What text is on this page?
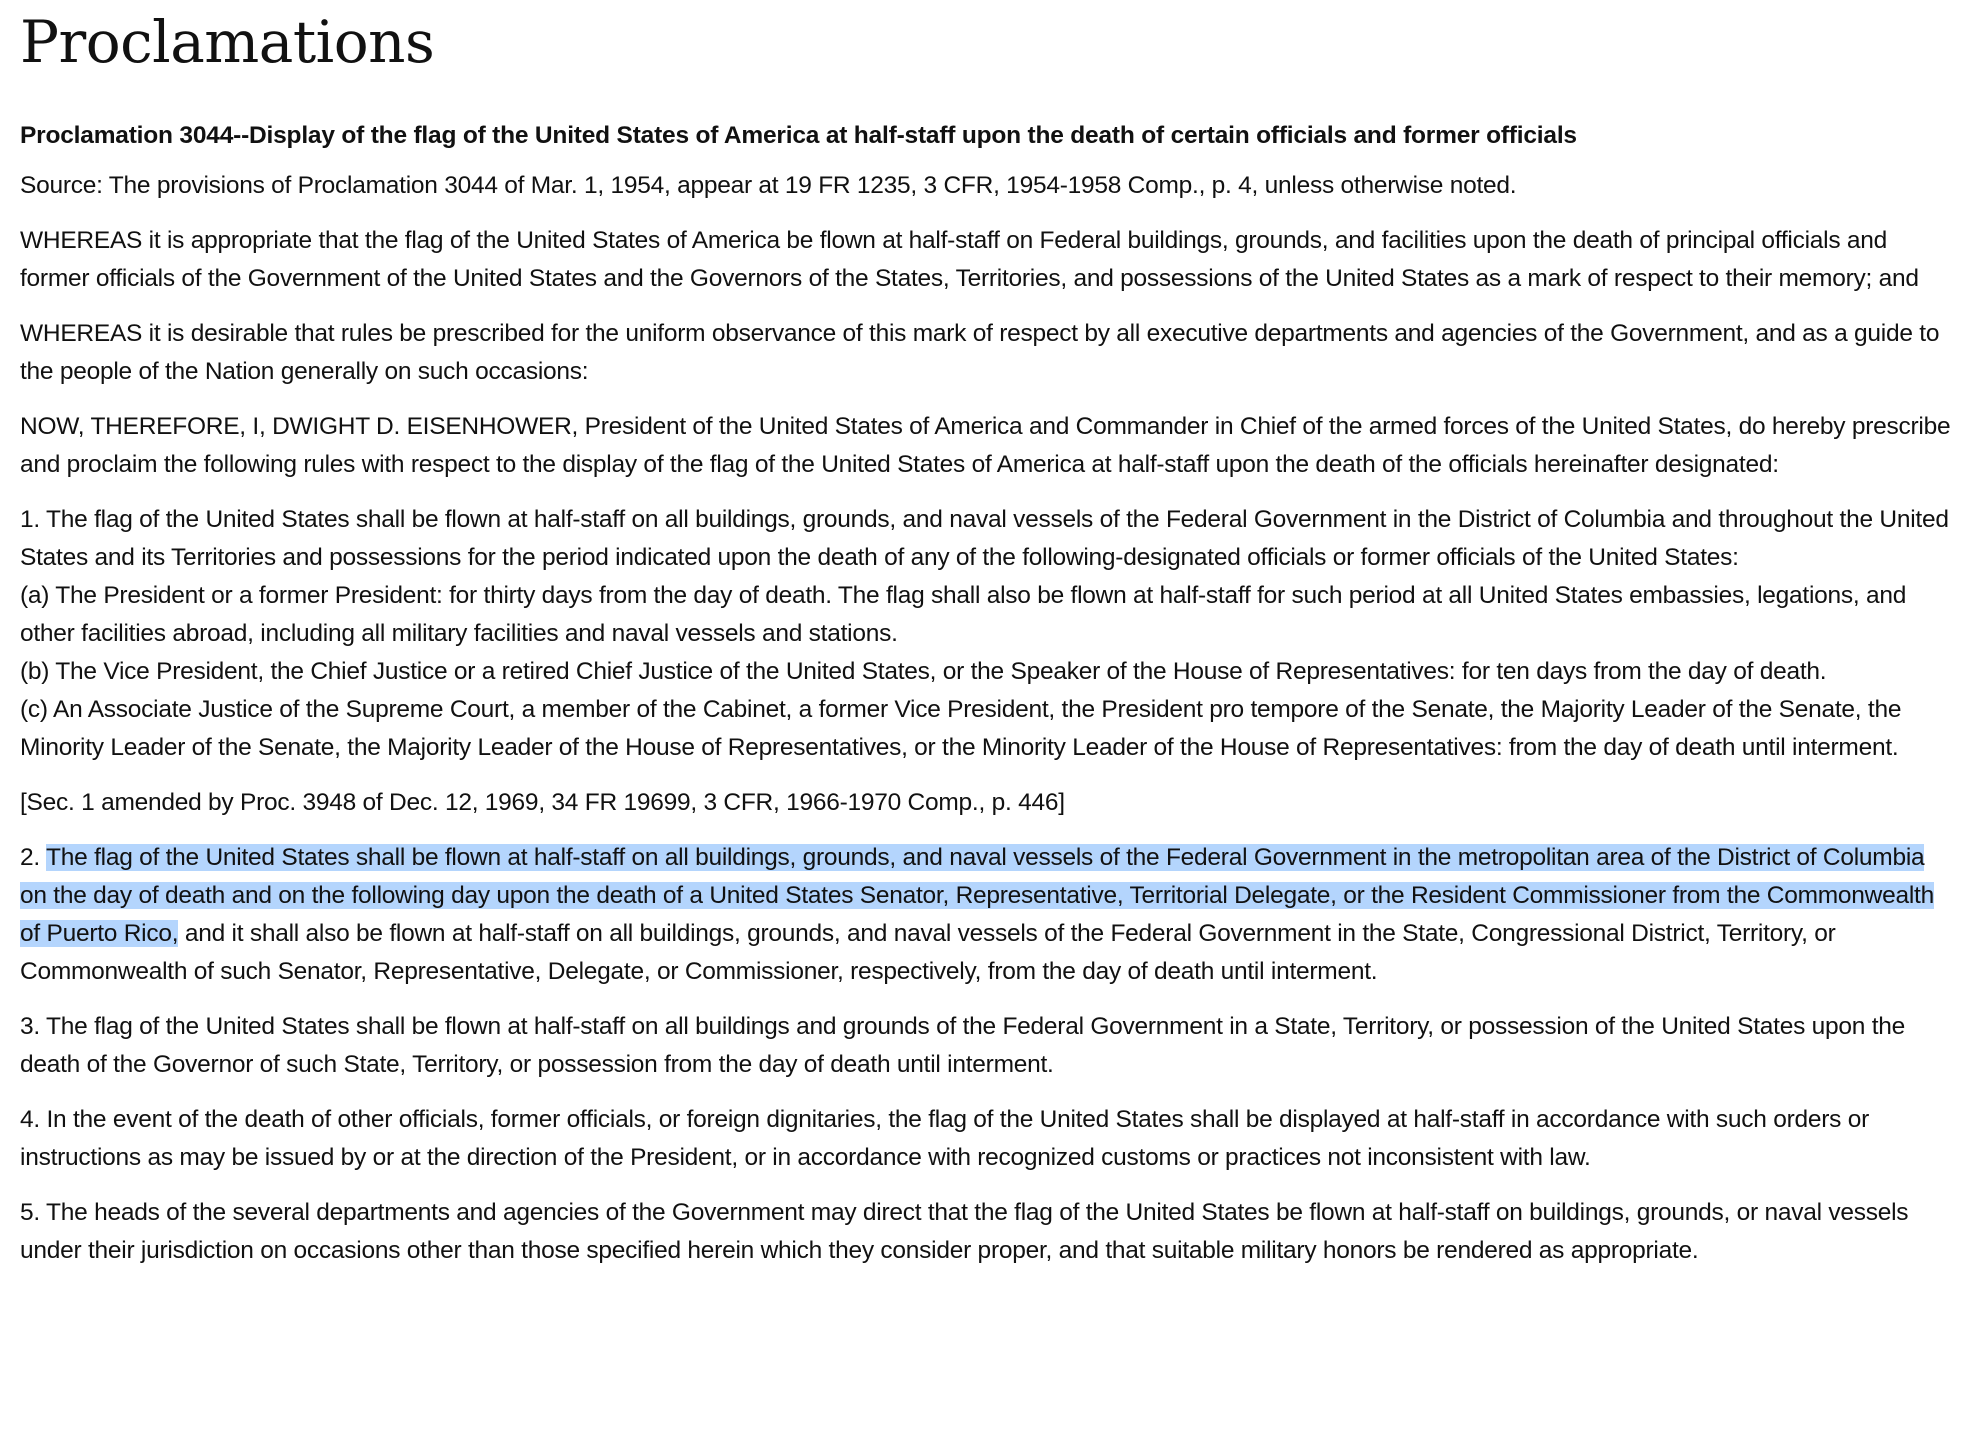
Proclamations
Proclamation 3044--Display of the flag of the United States of America at half-staff upon the death of certain officials and former officials

Source: The provisions of Proclamation 3044 of Mar. 1, 1954, appear at 19 FR 1235, 3 CFR, 1954-1958 Comp., p. 4, unless otherwise noted.

WHEREAS it is appropriate that the flag of the United States of America be flown at half-staff on Federal buildings, grounds, and facilities upon the death of principal officials and former officials of the Government of the United States and the Governors of the States, Territories, and possessions of the United States as a mark of respect to their memory; and

WHEREAS it is desirable that rules be prescribed for the uniform observance of this mark of respect by all executive departments and agencies of the Government, and as a guide to the people of the Nation generally on such occasions:

NOW, THEREFORE, I, DWIGHT D. EISENHOWER, President of the United States of America and Commander in Chief of the armed forces of the United States, do hereby prescribe and proclaim the following rules with respect to the display of the flag of the United States of America at half-staff upon the death of the officials hereinafter designated:

1. The flag of the United States shall be flown at half-staff on all buildings, grounds, and naval vessels of the Federal Government in the District of Columbia and throughout the United States and its Territories and possessions for the period indicated upon the death of any of the following-designated officials or former officials of the United States:
(a) The President or a former President: for thirty days from the day of death. The flag shall also be flown at half-staff for such period at all United States embassies, legations, and other facilities abroad, including all military facilities and naval vessels and stations.
(b) The Vice President, the Chief Justice or a retired Chief Justice of the United States, or the Speaker of the House of Representatives: for ten days from the day of death.
(c) An Associate Justice of the Supreme Court, a member of the Cabinet, a former Vice President, the President pro tempore of the Senate, the Majority Leader of the Senate, the Minority Leader of the Senate, the Majority Leader of the House of Representatives, or the Minority Leader of the House of Representatives: from the day of death until interment.

[Sec. 1 amended by Proc. 3948 of Dec. 12, 1969, 34 FR 19699, 3 CFR, 1966-1970 Comp., p. 446]

2. The flag of the United States shall be flown at half-staff on all buildings, grounds, and naval vessels of the Federal Government in the metropolitan area of the District of Columbia on the day of death and on the following day upon the death of a United States Senator, Representative, Territorial Delegate, or the Resident Commissioner from the Commonwealth of Puerto Rico, and it shall also be flown at half-staff on all buildings, grounds, and naval vessels of the Federal Government in the State, Congressional District, Territory, or Commonwealth of such Senator, Representative, Delegate, or Commissioner, respectively, from the day of death until interment.

3. The flag of the United States shall be flown at half-staff on all buildings and grounds of the Federal Government in a State, Territory, or possession of the United States upon the death of the Governor of such State, Territory, or possession from the day of death until interment.

4. In the event of the death of other officials, former officials, or foreign dignitaries, the flag of the United States shall be displayed at half-staff in accordance with such orders or instructions as may be issued by or at the direction of the President, or in accordance with recognized customs or practices not inconsistent with law.

5. The heads of the several departments and agencies of the Government may direct that the flag of the United States be flown at half-staff on buildings, grounds, or naval vessels under their jurisdiction on occasions other than those specified herein which they consider proper, and that suitable military honors be rendered as appropriate.
